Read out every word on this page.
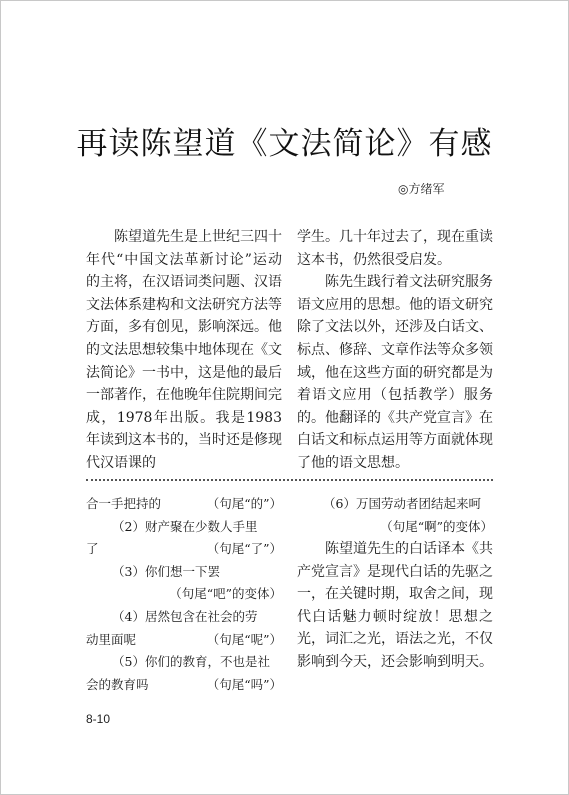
再读陈望道《文法简论》有感
◎方绪军

陈望道先生是上世纪三四十年代“中国文法革新讨论”运动的主将，在汉语词类问题、汉语文法体系建构和文法研究方法等方面，多有创见，影响深远。他的文法思想较集中地体现在《文法简论》一书中，这是他的最后一部著作，在他晚年住院期间完成，1978年出版。我是1983年读到这本书的，当时还是修现代汉语课的

学生。几十年过去了，现在重读这本书，仍然很受启发。

陈先生践行着文法研究服务语文应用的思想。他的语文研究除了文法以外，还涉及白话文、标点、修辞、文章作法等众多领域，他在这些方面的研究都是为着语文应用（包括教学）服务的。他翻译的《共产党宣言》在白话文和标点运用等方面就体现了他的语文思想。

合一手把持的	（句尾“的”）
（2）财产聚在少数人手里
了	（句尾“了”）
（3）你们想一下罢
（句尾“吧”的变体）
（4）居然包含在社会的劳
动里面呢	（句尾“呢”）
（5）你们的教育，不也是社
会的教育吗	（句尾“吗”）
（6）万国劳动者团结起来呵
（句尾“啊”的变体）

陈望道先生的白话译本《共产党宣言》是现代白话的先驱之一，在关键时期，取舍之间，现代白话魅力顿时绽放！思想之光，词汇之光，语法之光，不仅影响到今天，还会影响到明天。

8-10
